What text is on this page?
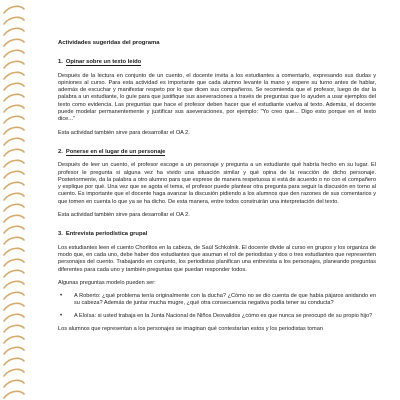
Actividades sugeridas del programa
1. Opinar sobre un texto leído

Después de la lectura en conjunto de un cuento, el docente invita a los estudiantes a comentarlo, expresando sus dudas y opiniones al curso. Para esta actividad es importante que cada alumno levante la mano y espere su turno antes de hablar, además de escuchar y manifestar respeto por lo que dicen sus compañeros. Se recomienda que el profesor, luego de dar la palabra a un estudiante, lo guíe para que justifique sus aseveraciones a través de preguntas que lo ayuden a usar ejemplos del texto como evidencia. Las preguntas que hace el profesor deben hacer que el estudiante vuelva al texto. Además, el docente puede modelar permanentemente y justificar sus aseveraciones, por ejemplo: "Yo creo que... Digo esto porque en el texto dice..."

Esta actividad también sirve para desarrollar el OA 2.

2. Ponerse en el lugar de un personaje

Después de leer un cuento, el profesor escoge a un personaje y pregunta a un estudiante qué habría hecho en su lugar. El profesor le pregunta si alguna vez ha vivido una situación similar y qué opina de la reacción de dicho personaje. Posteriormente, da la palabra a otro alumno para que exprese de manera respetuosa si está de acuerdo o no con el compañero y explique por qué. Una vez que se agota el tema, el profesor puede plantear otra pregunta para seguir la discusión en torno al cuento. Es importante que el docente haga avanzar la discusión pidiendo a los alumnos que den razones de sus comentarios y que tomen en cuenta lo que ya se ha dicho. De esta manera, entre todos construirán una interpretación del texto.

Esta actividad también sirve para desarrollar el OA 2.

3. Entrevista periodística grupal

Los estudiantes leen el cuento Chorlitos en la cabeza, de Saúl Schkolnik. El docente divide al curso en grupos y los organiza de modo que, en cada uno, debe haber dos estudiantes que asuman el rol de periodistas y dos o tres estudiantes que representen personajes del cuento. Trabajando en conjunto, los periodistas planifican una entrevista a los personajes, planeando preguntas diferentes para cada uno y también preguntas que puedan responder todos.

Algunas preguntas modelo pueden ser:

• A Roberto: ¿qué problema tenía originalmente con la ducha? ¿Cómo no se dio cuenta de que había pájaros anidando en su cabeza? Además de juntar mucha mugre, ¿qué otra consecuencia negativa podía tener su conducta?
• A Eloísa: si usted trabaja en la Junta Nacional de Niños Desvalidos ¿cómo es que nunca se preocupó de su propio hijo?

Los alumnos que representan a los personajes se imaginan qué contestarían estos y los periodistas toman
